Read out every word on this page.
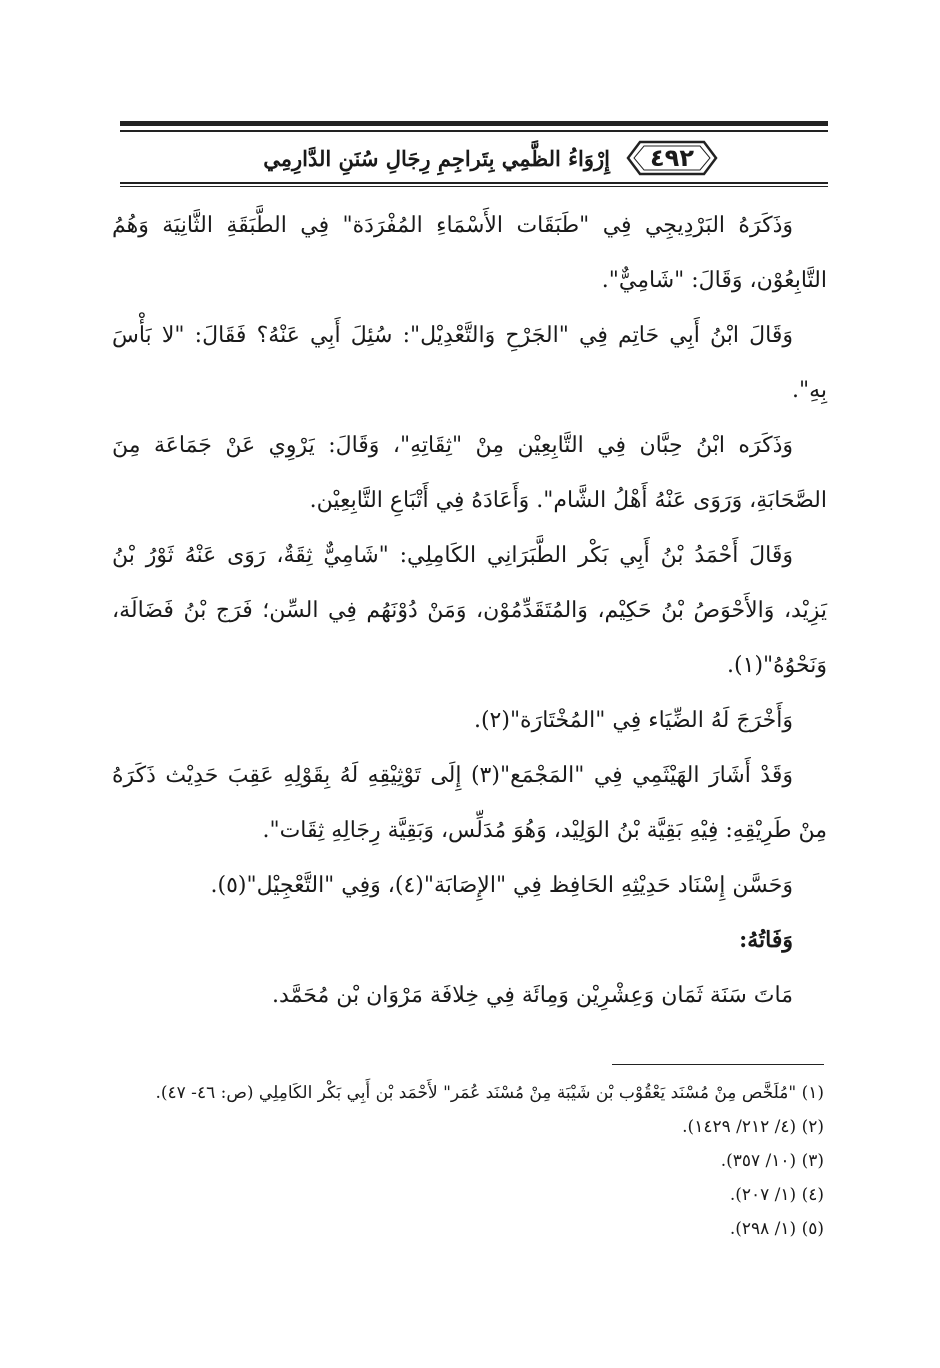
٤٩٢
إِرْوَاءُ الظَّمِي بِتَراجِمِ رِجَالِ سُنَنِ الدَّارِمِي

وَذَكَرَهُ البَرْدِيجِي فِي "طَبَقَات الأَسْمَاءِ المُفْرَدَة" فِي الطَّبَقَةِ الثَّانِيَة وَهُمُ التَّابِعُوْن، وَقَالَ: "شَامِيٌّ".

وَقَالَ ابْنُ أَبِي حَاتِم فِي "الجَرْحِ وَالتَّعْدِيْل": سُئِلَ أَبِي عَنْهُ؟ فَقَالَ: "لا بَأْسَ بِهِ".

وَذَكَرَه ابْنُ حِبَّان فِي التَّابِعِيْن مِنْ "ثِقَاتِهِ"، وَقَالَ: يَرْوِي عَنْ جَمَاعَة مِنَ الصَّحَابَةِ، وَرَوَى عَنْهُ أَهْلُ الشَّام". وَأَعَادَهُ فِي أَتْبَاعِ التَّابِعِيْن.

وَقَالَ أَحْمَدُ بْنُ أَبِي بَكْر الطَّبَرَانِي الكَامِلِي: "شَامِيٌّ ثِقَةٌ، رَوَى عَنْهُ ثَوْرُ بْنُ يَزِيْد، وَالأَحْوَصُ بْنُ حَكِيْم، وَالمُتَقَدِّمُوْن، وَمَنْ دُوْنَهُم فِي السِّن؛ فَرَج بْنُ فَضَالَة، وَنَحْوُهُ"(١).

وَأَخْرَجَ لَهُ الضِّيَاء فِي "المُخْتَارَة"(٢).

وَقَدْ أَشَارَ الهَيْثَمِي فِي "المَجْمَع"(٣) إِلَى تَوْثِيْقِهِ لَهُ بِقَوْلِهِ عَقِبَ حَدِيْث ذَكَرَهُ مِنْ طَرِيْقِهِ: فِيْهِ بَقِيَّة بْنُ الوَلِيْد، وَهُوَ مُدَلِّس، وَبَقِيَّة رِجَالِهِ ثِقَات".

وَحَسَّن إِسْنَاد حَدِيْثِهِ الحَافِظ فِي "الإِصَابَة"(٤)، وَفِي "التَّعْجِيْل"(٥).

وَفَاتُهُ:

مَاتَ سَنَة ثَمَان وَعِشْرِيْن وَمِائَة فِي خِلافَة مَرْوَان بْن مُحَمَّد.

(١) "مُلَخَّص مِنْ مُسْنَد يَعْقُوْب بْن شَيْبَة مِنْ مُسْنَد عُمَر" لأَحْمَد بْن أَبِي بَكْر الكَامِلِي (ص: ٤٦- ٤٧).
(٢) (٤/ ٢١٢/ ١٤٢٩).
(٣) (١٠/ ٣٥٧).
(٤) (١/ ٢٠٧).
(٥) (١/ ٢٩٨).
